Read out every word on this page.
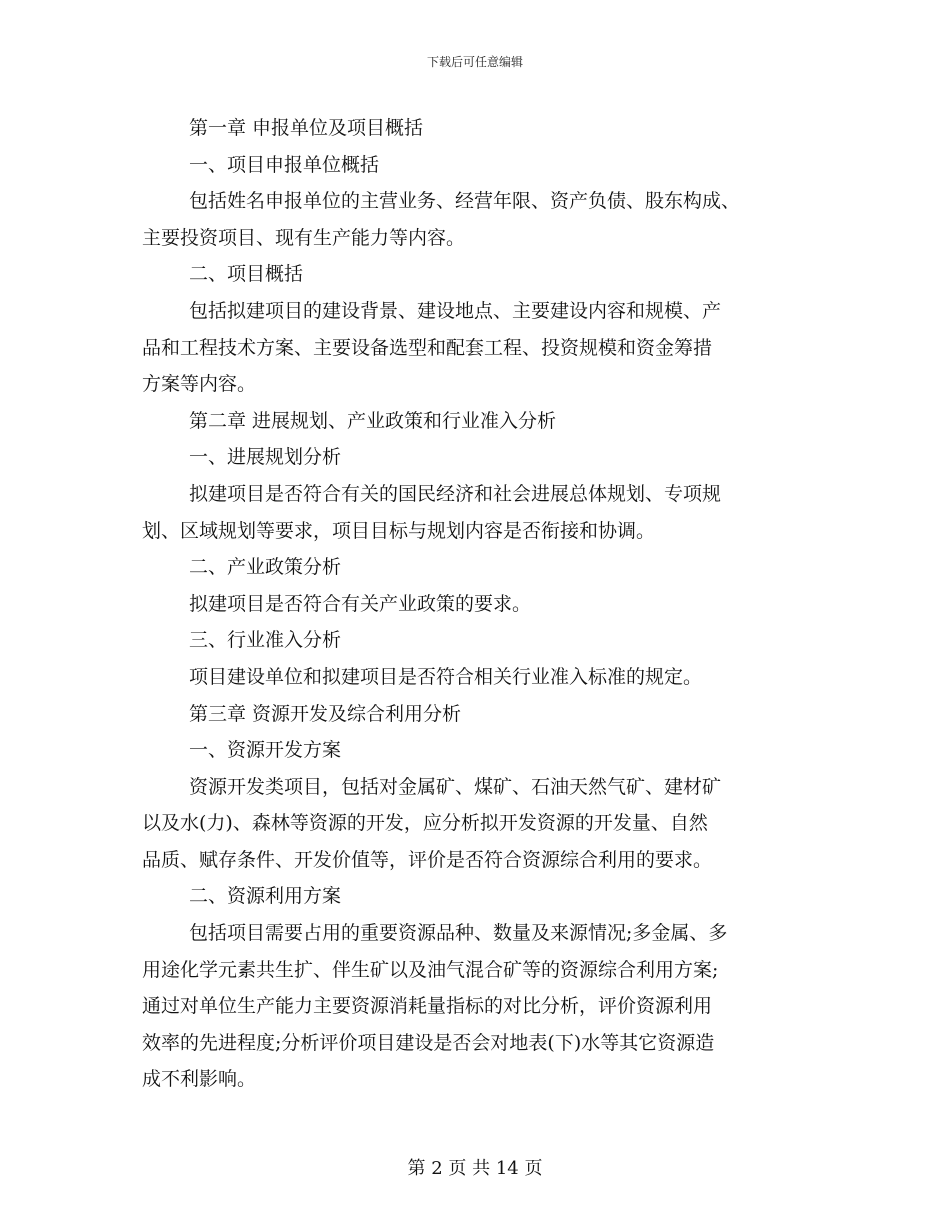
下载后可任意编辑
第一章 申报单位及项目概括
一、项目申报单位概括
包括姓名申报单位的主营业务、经营年限、资产负债、股东构成、
主要投资项目、现有生产能力等内容。
二、项目概括
包括拟建项目的建设背景、建设地点、主要建设内容和规模、产
品和工程技术方案、主要设备选型和配套工程、投资规模和资金筹措
方案等内容。
第二章 进展规划、产业政策和行业准入分析
一、进展规划分析
拟建项目是否符合有关的国民经济和社会进展总体规划、专项规
划、区域规划等要求，项目目标与规划内容是否衔接和协调。
二、产业政策分析
拟建项目是否符合有关产业政策的要求。
三、行业准入分析
项目建设单位和拟建项目是否符合相关行业准入标准的规定。
第三章 资源开发及综合利用分析
一、资源开发方案
资源开发类项目，包括对金属矿、煤矿、石油天然气矿、建材矿
以及水(力)、森林等资源的开发，应分析拟开发资源的开发量、自然
品质、赋存条件、开发价值等，评价是否符合资源综合利用的要求。
二、资源利用方案
包括项目需要占用的重要资源品种、数量及来源情况;多金属、多
用途化学元素共生扩、伴生矿以及油气混合矿等的资源综合利用方案;
通过对单位生产能力主要资源消耗量指标的对比分析，评价资源利用
效率的先进程度;分析评价项目建设是否会对地表(下)水等其它资源造
成不利影响。
第 2 页 共 14 页
